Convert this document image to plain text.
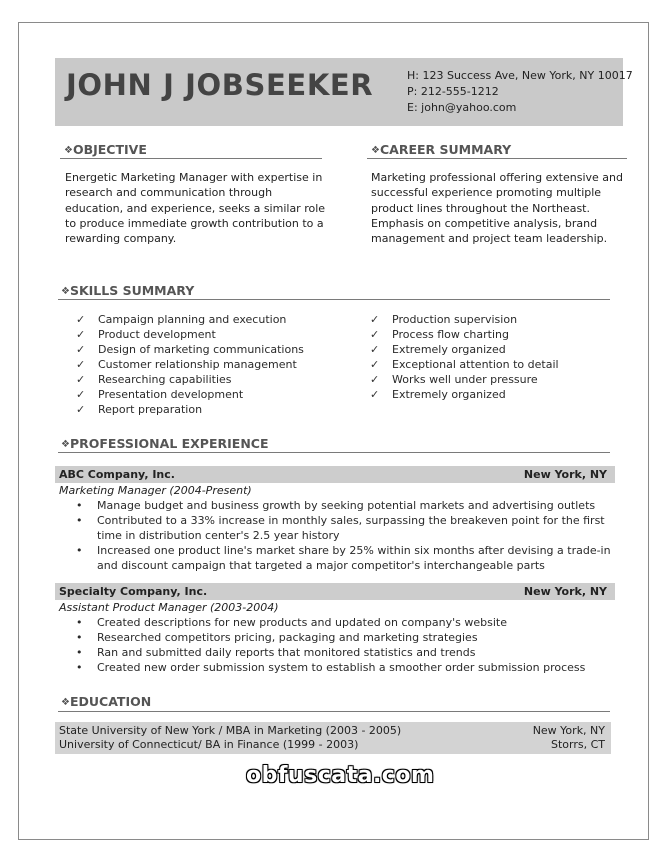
JOHN J JOBSEEKER	H: 123 Success Ave, New York, NY 10017
P: 212-555-1212
E: john@yahoo.com
❖OBJECTIVE
Energetic Marketing Manager with expertise in
research and communication through
education, and experience, seeks a similar role
to produce immediate growth contribution to a
rewarding company.
❖CAREER SUMMARY
Marketing professional offering extensive and
successful experience promoting multiple
product lines throughout the Northeast.
Emphasis on competitive analysis, brand
management and project team leadership.
❖SKILLS SUMMARY
✓ Campaign planning and execution
✓ Product development
✓ Design of marketing communications
✓ Customer relationship management
✓ Researching capabilities
✓ Presentation development
✓ Report preparation
✓ Production supervision
✓ Process flow charting
✓ Extremely organized
✓ Exceptional attention to detail
✓ Works well under pressure
✓ Extremely organized
❖PROFESSIONAL EXPERIENCE
ABC Company, Inc.	New York, NY
Marketing Manager (2004-Present)
• Manage budget and business growth by seeking potential markets and advertising outlets
• Contributed to a 33% increase in monthly sales, surpassing the breakeven point for the first
time in distribution center's 2.5 year history
• Increased one product line's market share by 25% within six months after devising a trade-in
and discount campaign that targeted a major competitor's interchangeable parts
Specialty Company, Inc.	New York, NY
Assistant Product Manager (2003-2004)
• Created descriptions for new products and updated on company's website
• Researched competitors pricing, packaging and marketing strategies
• Ran and submitted daily reports that monitored statistics and trends
• Created new order submission system to establish a smoother order submission process
❖EDUCATION
State University of New York / MBA in Marketing (2003 - 2005)	New York, NY
University of Connecticut/ BA in Finance (1999 - 2003)	Storrs, CT
obfuscata.com
